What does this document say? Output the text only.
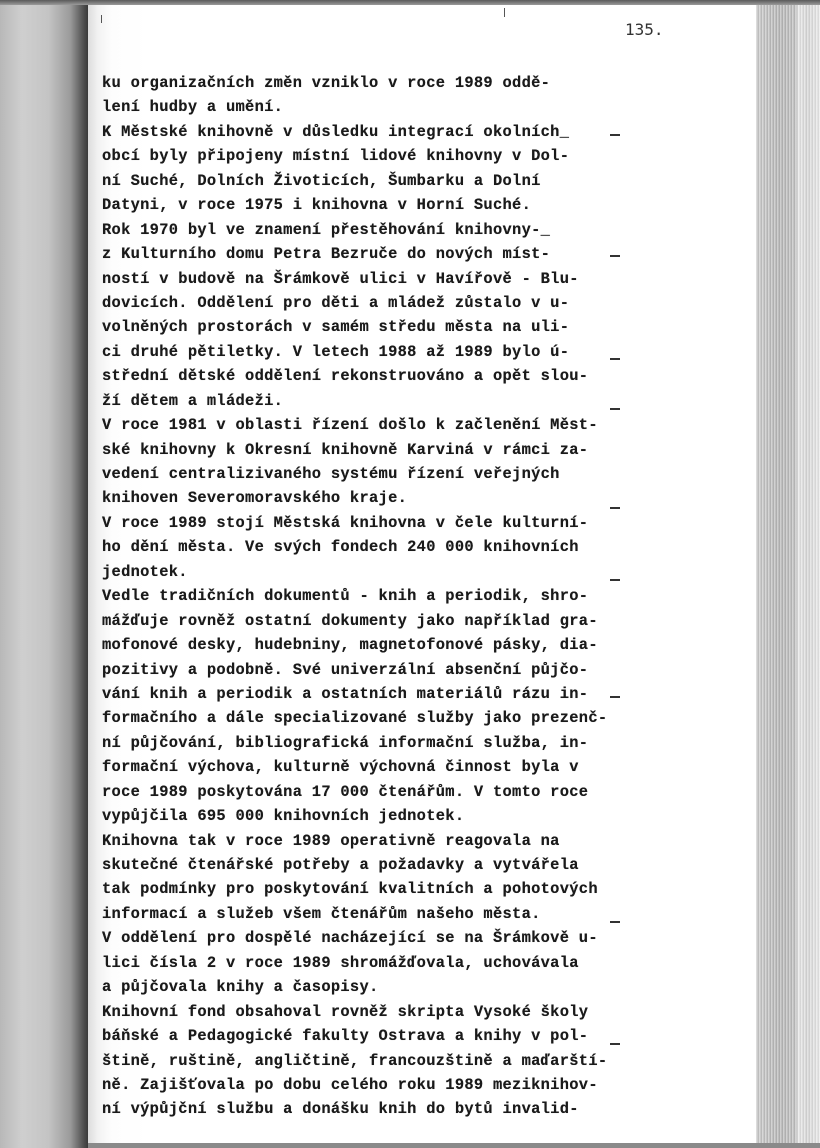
135.
ku organizačních změn vzniklo v roce 1989 oddě-
lení hudby a umění.
K Městské knihovně v důsledku integrací okolních_
obcí byly připojeny místní lidové knihovny v Dol-
ní Suché, Dolních Životicích, Šumbarku a Dolní
Datyni, v roce 1975 i knihovna v Horní Suché.
Rok 1970 byl ve znamení přestěhování knihovny-_
z Kulturního domu Petra Bezruče do nových míst-
ností v budově na Šrámkově ulici v Havířově - Blu-
dovicích. Oddělení pro děti a mládež zůstalo v u-
volněných prostorách v samém středu města na uli-
ci druhé pětiletky. V letech 1988 až 1989 bylo ú-
střední dětské oddělení rekonstruováno a opět slou-
ží dětem a mládeži.
V roce 1981 v oblasti řízení došlo k začlenění Měst-
ské knihovny k Okresní knihovně Karviná v rámci za-
vedení centralizivaného systému řízení veřejných
knihoven Severomoravského kraje.
V roce 1989 stojí Městská knihovna v čele kulturní-
ho dění města. Ve svých fondech 240 000 knihovních
jednotek.
Vedle tradičních dokumentů - knih a periodik, shro-
mážďuje rovněž ostatní dokumenty jako například gra-
mofonové desky, hudebniny, magnetofonové pásky, dia-
pozitivy a podobně. Své univerzální absenční půjčo-
vání knih a periodik a ostatních materiálů rázu in-
formačního a dále specializované služby jako prezenč-
ní půjčování, bibliografická informační služba, in-
formační výchova, kulturně výchovná činnost byla v
roce 1989 poskytována 17 000 čtenářům. V tomto roce
vypůjčila 695 000 knihovních jednotek.
Knihovna tak v roce 1989 operativně reagovala na
skutečné čtenářské potřeby a požadavky a vytvářela
tak podmínky pro poskytování kvalitních a pohotových
informací a služeb všem čtenářům našeho města.
V oddělení pro dospělé nacházející se na Šrámkově u-
lici čísla 2 v roce 1989 shromážďovala, uchovávala
a půjčovala knihy a časopisy.
Knihovní fond obsahoval rovněž skripta Vysoké školy
báňské a Pedagogické fakulty Ostrava a knihy v pol-
štině, ruštině, angličtině, francouzštině a maďarští-
ně. Zajišťovala po dobu celého roku 1989 meziknihov-
ní výpůjční službu a donášku knih do bytů invalid-
